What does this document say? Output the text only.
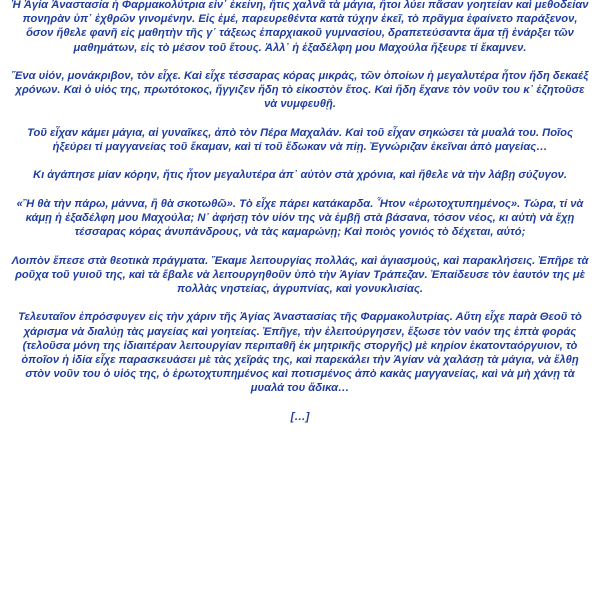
Ἡ Ἁγία Ἀναστασία ἡ Φαρμακολύτρια εἶν᾽ ἐκείνη, ἥτις χαλνᾶ τὰ μάγια, ἤτοι λύει πᾶσαν γοητείαν καὶ μεθοδείαν πονηρὰν ὑπ᾽ ἐχθρῶν γινομένην. Εἰς ἐμέ, παρευρεθέντα κατὰ τύχην ἐκεῖ, τὸ πρᾶγμα ἐφαίνετο παράξενον, ὅσον ἤθελε φανῆ εἰς μαθητὴν τῆς γ᾽ τάξεως ἐπαρχιακοῦ γυμνασίου, δραπετεύσαντα ἅμα τῇ ἐνάρξει τῶν μαθημάτων, εἰς τὸ μέσον τοῦ ἔτους. Ἀλλ᾽ ἡ ἐξαδέλφη μου Μαχούλα ἤξευρε τί ἔκαμνεν.

Ἕνα υἱόν, μονάκριβον, τὸν εἶχε. Καὶ εἶχε τέσσαρας κόρας μικράς, τῶν ὁποίων ἡ μεγαλυτέρα ἦτον ἤδη δεκαέξ χρόνων. Καὶ ὁ υἱός της, πρωτότοκος, ἤγγιζεν ἤδη τὸ εἰκοστὸν ἔτος. Καὶ ἤδη ἔχανε τὸν νοῦν του κ᾽ ἐζητοῦσε νὰ νυμφευθῇ.

Τοῦ εἶχαν κάμει μάγια, αἱ γυναῖκες, ἀπὸ τὸν Πέρα Μαχαλάν. Καὶ τοῦ εἶχαν σηκώσει τὰ μυαλά του. Ποῖος ἠξεύρει τί μαγγανείας τοῦ ἔκαμαν, καὶ τί τοῦ ἔδωκαν νὰ πίῃ. Ἐγνώριζαν ἐκεῖναι ἀπὸ μαγείας…

Κι ἀγάπησε μίαν κόρην, ἥτις ἦτον μεγαλυτέρα ἀπ᾽ αὐτὸν στὰ χρόνια, καὶ ἤθελε νὰ τὴν λάβῃ σύζυγον.

«Ἢ θὰ τὴν πάρω, μάννα, ἢ θὰ σκοτωθῶ». Τὸ εἶχε πάρει κατάκαρδα. Ἦτον «ἐρωτοχτυπημένος». Τώρα, τί νὰ κάμῃ ἡ ἐξαδέλφη μου Μαχούλα; Ν᾽ ἀφήσῃ τὸν υἱόν της νὰ ἐμβῇ στὰ βάσανα, τόσον νέος, κι αὐτὴ νὰ ἔχῃ τέσσαρας κόρας ἀνυπάνδρους, νὰ τὰς καμαρώνῃ; Καὶ ποιὸς γονιός τὸ δέχεται, αὐτό;

Λοιπὸν ἔπεσε στὰ θεοτικὰ πράγματα. Ἔκαμε λειτουργίας πολλάς, καὶ ἁγιασμούς, καὶ παρακλήσεις. Ἐπῆρε τὰ ροῦχα τοῦ γυιοῦ της, καὶ τὰ ἔβαλε νὰ λειτουργηθοῦν ὑπὸ τὴν Ἁγίαν Τράπεζαν. Ἐπαίδευσε τὸν ἑαυτόν της μὲ πολλὰς νηστείας, ἀγρυπνίας, καὶ γονυκλισίας.

Τελευταῖον ἐπρόσφυγεν εἰς τὴν χάριν τῆς Ἁγίας Ἀναστασίας τῆς Φαρμακολυτρίας. Αὕτη εἶχε παρὰ Θεοῦ τὸ χάρισμα νὰ διαλύῃ τὰς μαγείας καὶ γοητείας. Ἐπῆγε, τὴν ἐλειτούργησεν, ἔξωσε τὸν ναόν της ἑπτὰ φοράς (τελοῦσα μόνη της ἰδιαιτέραν λειτουργίαν περιπαθῆ ἐκ μητρικῆς στοργῆς) μὲ κηρίον ἑκατονταόργυιον, τὸ ὁποῖον ἡ ἰδία εἶχε παρασκευάσει μὲ τὰς χεῖράς της, καὶ παρεκάλει τὴν Ἁγίαν νὰ χαλάσῃ τὰ μάγια, νὰ ἔλθῃ στὸν νοῦν του ὁ υἱός της, ὁ ἐρωτοχτυπημένος καὶ ποτισμένος ἀπὸ κακὰς μαγγανείας, καὶ νὰ μὴ χάνῃ τὰ μυαλά του ἄδικα…

[…]
